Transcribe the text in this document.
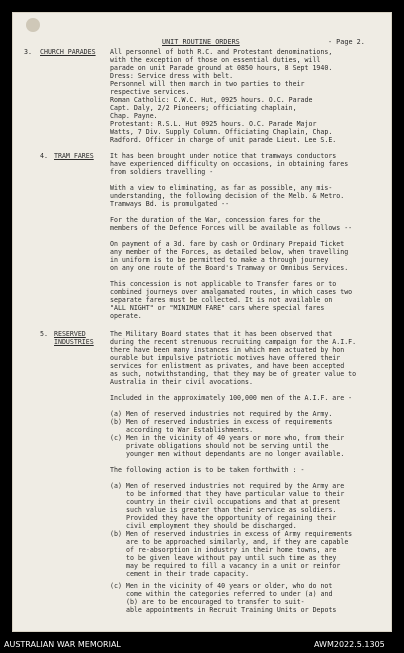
UNIT ROUTINE ORDERS	- Page 2.
3. CHURCH PARADES All personnel of both R.C. and Protestant denominations,
with the exception of those on essential duties, will
parade on unit Parade ground at 0850 hours, 8 Sept 1940.
Dress: Service dress with belt.
Personnel will then march in two parties to their
respective services.
Roman Catholic: C.W.C. Hut, 0925 hours. O.C. Parade
Capt. Daly, 2/2 Pioneers; officiating chaplain,
Chap. Payne.
Protestant: R.S.L. Hut 0925 hours. O.C. Parade Major
Watts, 7 Div. Supply Column. Officiating Chaplain, Chap.
Radford. Officer in charge of unit parade Lieut. Lee S.E.
4. TRAM FARES It has been brought under notice that tramways conductors
have experienced difficulty on occasions, in obtaining fares
from soldiers travelling -
With a view to eliminating, as far as possible, any mis-
understanding, the following decision of the Melb. & Metro.
Tramways Bd. is promulgated --
For the duration of the War, concession fares for the
members of the Defence Forces will be available as follows --
On payment of a 3d. fare by cash or Ordinary Prepaid Ticket
any member of the Forces, as detailed below, when travelling
in uniform is to be permitted to make a through journey
on any one route of the Board's Tramway or Omnibus Services.
This concession is not applicable to Transfer fares or to
combined journeys over amalgamated routes, in which cases two
separate fares must be collected. It is not available on
"ALL NIGHT" or "MINIMUM FARE" cars where special fares
operate.
5. RESERVED
INDUSTRIES
The Military Board states that it has been observed that
during the recent strenuous recruiting campaign for the A.I.F.
there have been many instances in which men actuated by hon
ourable but impulsive patriotic motives have offered their
services for enlistment as privates, and have been accepted
as such, notwithstanding, that they may be of greater value to
Australia in their civil avocations.
Included in the approximately 100,000 men of the A.I.F. are -
(a) Men of reserved industries not required by the Army.
(b) Men of reserved industries in excess of requirements
according to War Establishments.
(c) Men in the vicinity of 40 years or more who, from their
private obligations should not be serving until the
younger men without dependants are no longer available.
The following action is to be taken forthwith : -
(a) Men of reserved industries not required by the Army are
to be informed that they have particular value to their
country in their civil occupations and that at present
such value is greater than their service as soldiers.
Provided they have the opportunity of regaining their
civil employment they should be discharged.
(b) Men of reserved industries in excess of Army requirements
are to be approached similarly, and, if they are capable
of re-absorption in industry in their home towns, are
to be given leave without pay until such time as they
may be required to fill a vacancy in a unit or reinfor
cement in their trade capacity.
(c) Men in the vicinity of 40 years or older, who do not
come within the categories referred to under (a) and
(b) are to be encouraged to transfer to suit-
able appointments in Recruit Training Units or Depots
AUSTRALIAN WAR MEMORIAL	AWM2022.5.1305
